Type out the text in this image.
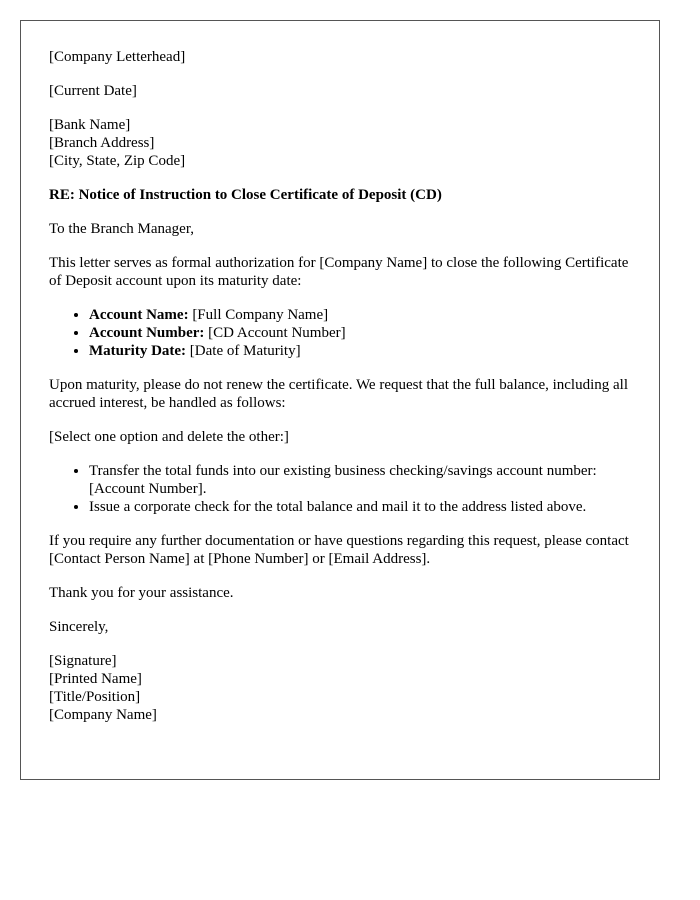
[Company Letterhead]

[Current Date]

[Bank Name]
[Branch Address]
[City, State, Zip Code]

RE: Notice of Instruction to Close Certificate of Deposit (CD)

To the Branch Manager,

This letter serves as formal authorization for [Company Name] to close the following Certificate of Deposit account upon its maturity date:

• Account Name: [Full Company Name]
• Account Number: [CD Account Number]
• Maturity Date: [Date of Maturity]

Upon maturity, please do not renew the certificate. We request that the full balance, including all accrued interest, be handled as follows:

[Select one option and delete the other:]

• Transfer the total funds into our existing business checking/savings account number: [Account Number].
• Issue a corporate check for the total balance and mail it to the address listed above.

If you require any further documentation or have questions regarding this request, please contact [Contact Person Name] at [Phone Number] or [Email Address].

Thank you for your assistance.

Sincerely,

[Signature]
[Printed Name]
[Title/Position]
[Company Name]
